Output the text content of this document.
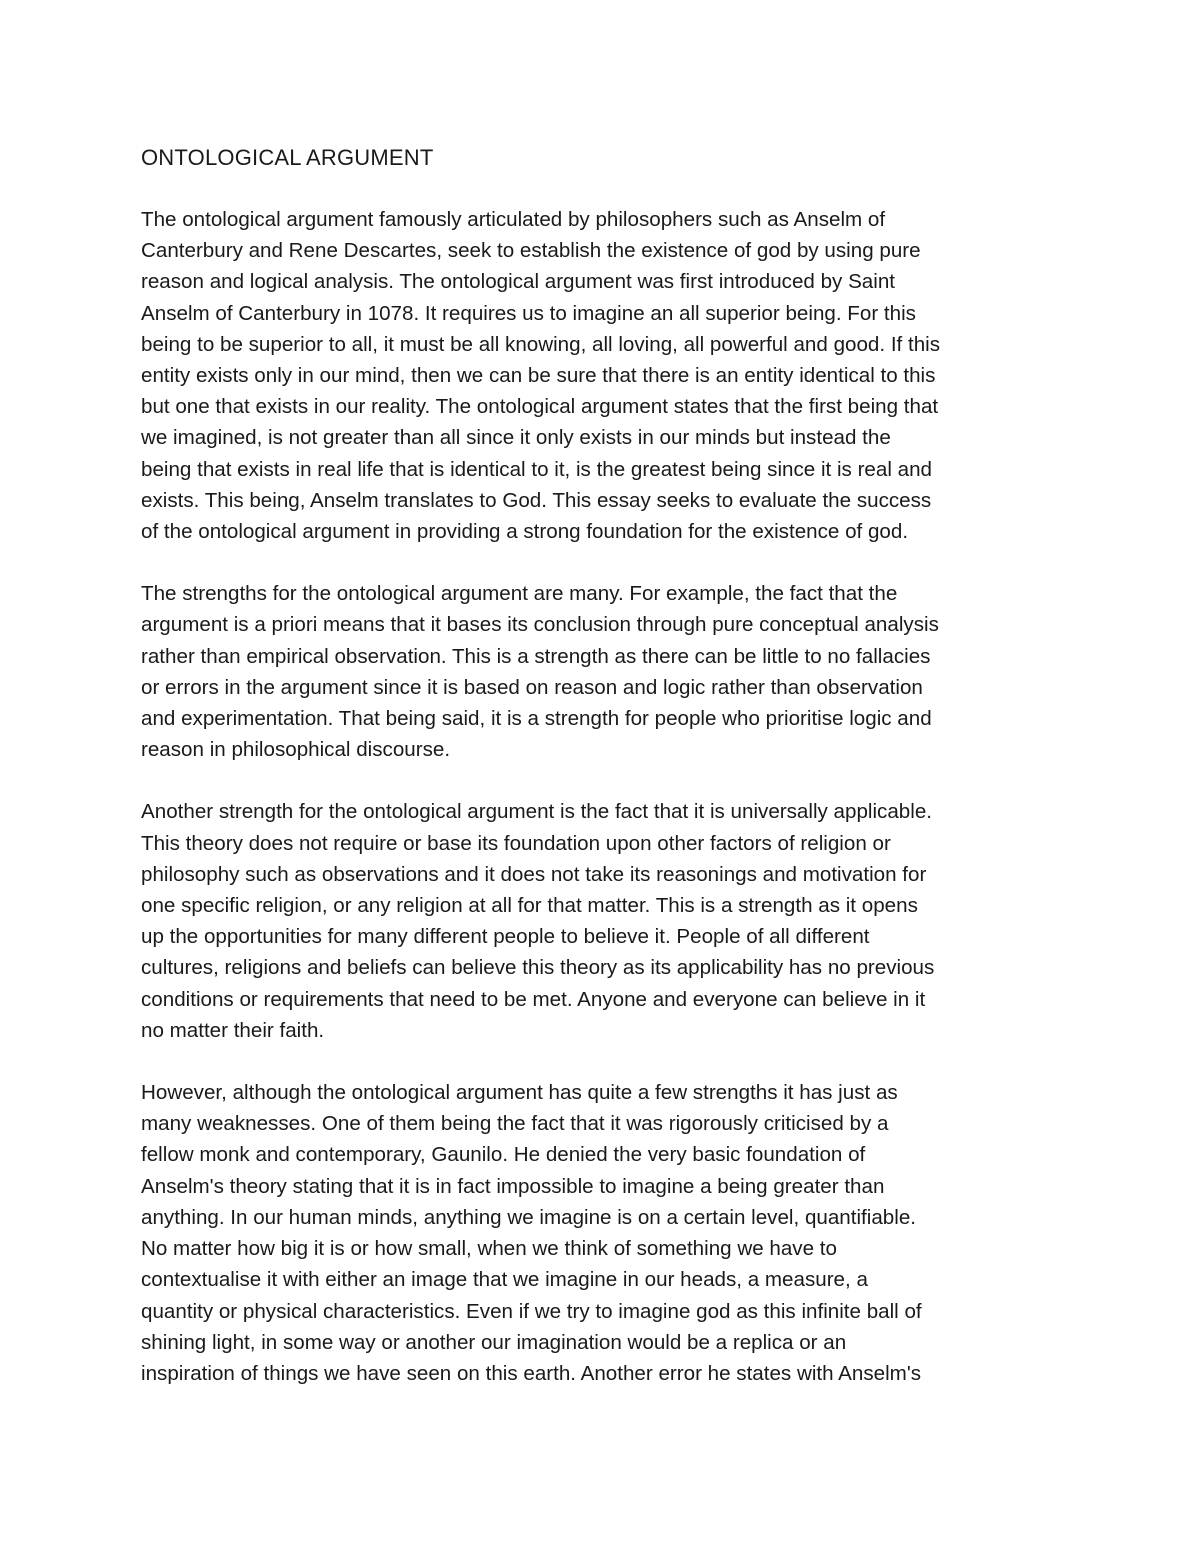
ONTOLOGICAL ARGUMENT

The ontological argument famously articulated by philosophers such as Anselm of
Canterbury and Rene Descartes, seek to establish the existence of god by using pure
reason and logical analysis. The ontological argument was first introduced by Saint
Anselm of Canterbury in 1078. It requires us to imagine an all superior being. For this
being to be superior to all, it must be all knowing, all loving, all powerful and good. If this
entity exists only in our mind, then we can be sure that there is an entity identical to this
but one that exists in our reality. The ontological argument states that the first being that
we imagined, is not greater than all since it only exists in our minds but instead the
being that exists in real life that is identical to it, is the greatest being since it is real and
exists. This being, Anselm translates to God. This essay seeks to evaluate the success
of the ontological argument in providing a strong foundation for the existence of god.

The strengths for the ontological argument are many. For example, the fact that the
argument is a priori means that it bases its conclusion through pure conceptual analysis
rather than empirical observation. This is a strength as there can be little to no fallacies
or errors in the argument since it is based on reason and logic rather than observation
and experimentation. That being said, it is a strength for people who prioritise logic and
reason in philosophical discourse.

Another strength for the ontological argument is the fact that it is universally applicable.
This theory does not require or base its foundation upon other factors of religion or
philosophy such as observations and it does not take its reasonings and motivation for
one specific religion, or any religion at all for that matter. This is a strength as it opens
up the opportunities for many different people to believe it. People of all different
cultures, religions and beliefs can believe this theory as its applicability has no previous
conditions or requirements that need to be met. Anyone and everyone can believe in it
no matter their faith.

However, although the ontological argument has quite a few strengths it has just as
many weaknesses. One of them being the fact that it was rigorously criticised by a
fellow monk and contemporary, Gaunilo. He denied the very basic foundation of
Anselm's theory stating that it is in fact impossible to imagine a being greater than
anything. In our human minds, anything we imagine is on a certain level, quantifiable.
No matter how big it is or how small, when we think of something we have to
contextualise it with either an image that we imagine in our heads, a measure, a
quantity or physical characteristics. Even if we try to imagine god as this infinite ball of
shining light, in some way or another our imagination would be a replica or an
inspiration of things we have seen on this earth. Another error he states with Anselm's
